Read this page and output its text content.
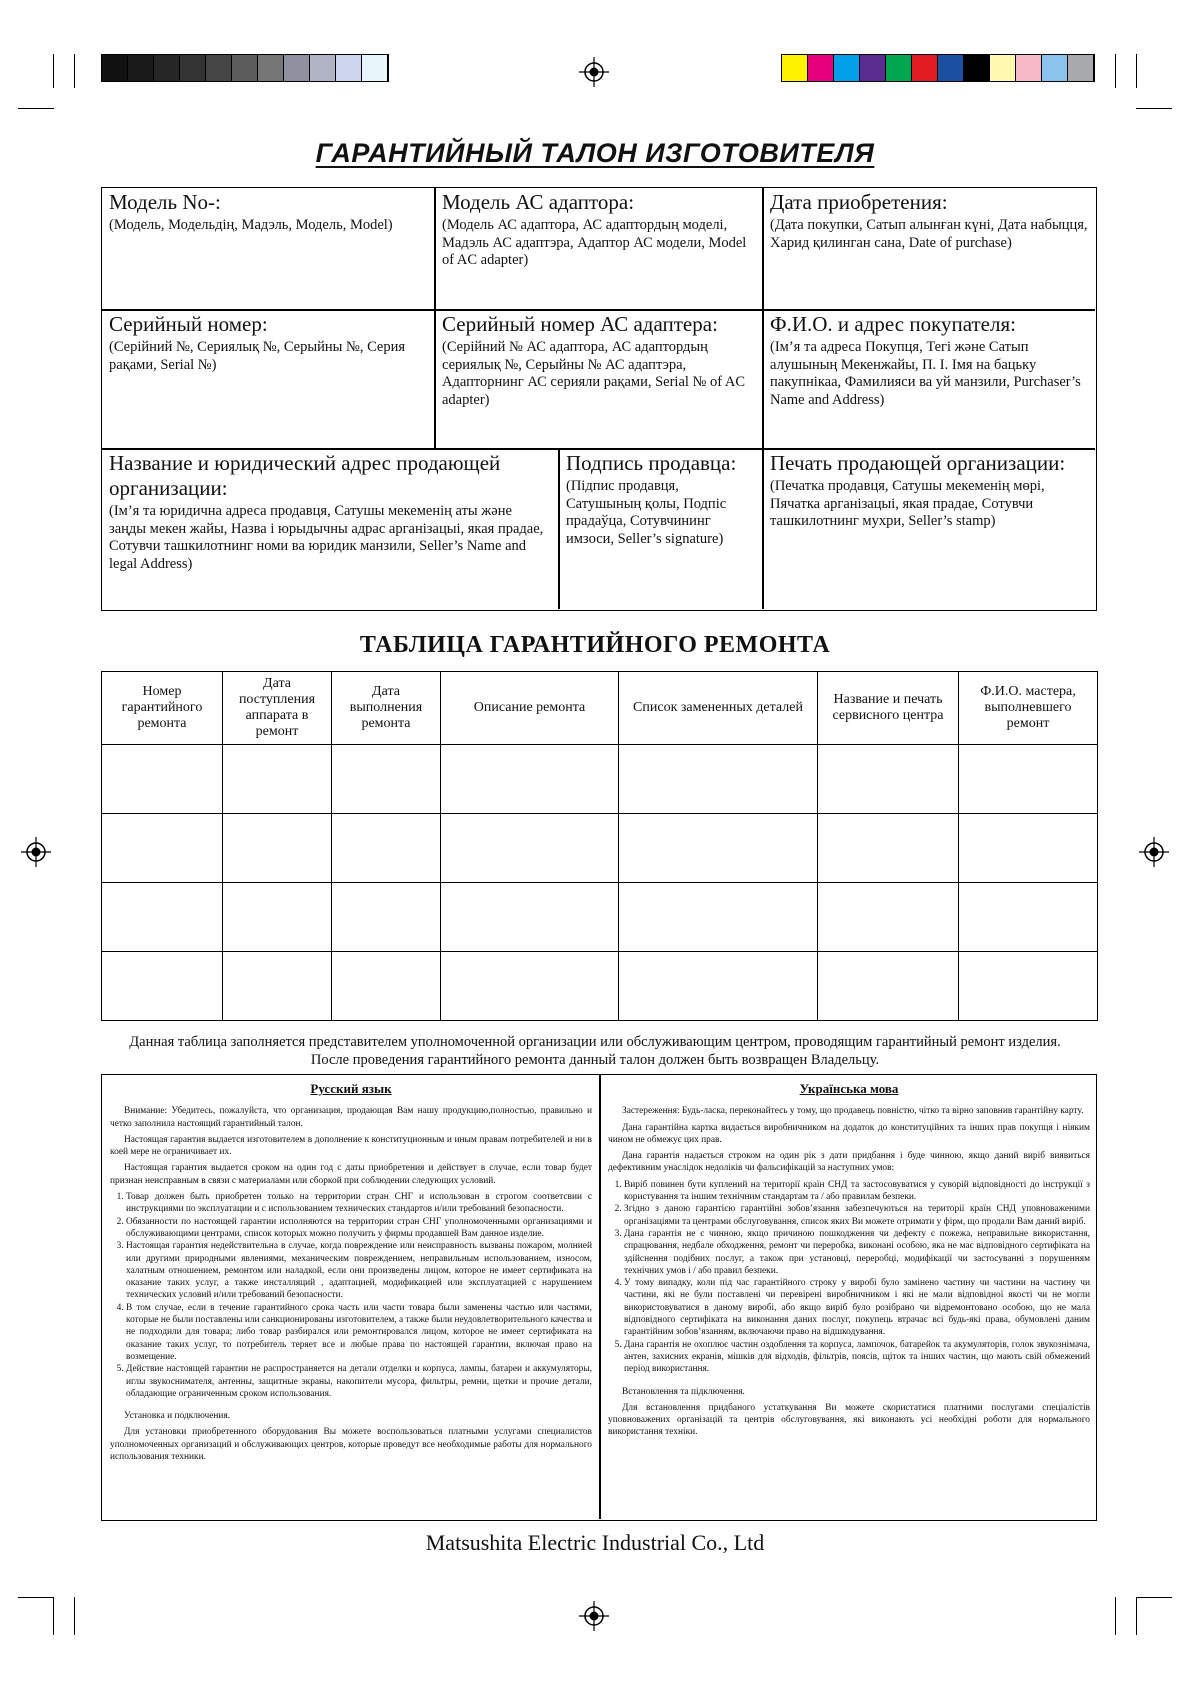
ГАРАНТИЙНЫЙ ТАЛОН ИЗГОТОВИТЕЛЯ
Модель No-:
(Модель, Модельдің, Мадэль, Модель, Model)
Модель АС адаптора:
(Модель АС адаптора, АС адаптордың моделі, Мадэль АС адаптэра, Адаптор АС модели, Model of AC adapter)
Дата приобретения:
(Дата покупки, Сатып алынған күні, Дата набыцця, Харид қилинган сана, Date of purchase)
Серийный номер:
(Серійний №, Сериялық №, Серыйны №, Серия рақами, Serial №)
Серийный номер АС адаптера:
(Серійний № АС адаптора, АС адаптордың сериялық №, Серыйны № АС адаптэра, Адапторнинг АС серияли рақами, Serial № of AC adapter)
Ф.И.О. и адрес покупателя:
(Ім’я та адреса Покупця, Тегі және Сатып алушының Мекенжайы, П. І. Імя на бацьку пакупнікаа, Фамилияси ва уй манзили, Purchaser’s Name and Address)
Название и юридический адрес продающей организации:
(Ім’я та юридична адреса продавця, Сатушы мекеменің аты және заңды мекен жайы, Назва і юрыдычны адрас арганізацыі, якая прадае, Сотувчи ташкилотнинг номи ва юридик манзили, Seller’s Name and legal Address)
Подпись продавца:
(Підпис продавця, Сатушының қолы, Подпіс прадаўца, Сотувчининг имзоси, Seller’s signature)
Печать продающей организации:
(Печатка продавця, Сатушы мекеменің мөрі, Пячатка арганізацыі, якая прадае, Сотувчи ташкилотнинг мухри, Seller’s stamp)
ТАБЛИЦА ГАРАНТИЙНОГО РЕМОНТА
Номер гарантийного ремонта	Дата поступления аппарата в ремонт	Дата выполнения ремонта	Описание ремонта	Список замененных деталей	Название и печать сервисного центра	Ф.И.О. мастера, выполневшего ремонт

Данная таблица заполняется представителем уполномоченной организации или обслуживающим центром, проводящим гарантийный ремонт изделия.
После проведения гарантийного ремонта данный талон должен быть возвращен Владельцу.
Русский язык

Внимание: Убедитесь, пожалуйста, что организация, продающая Вам нашу продукцию,полностью, правильно и четко заполнила настоящий гарантийный талон.

Настоящая гарантия выдается изготовителем в дополнение к конституционным и иным правам потребителей и ни в коей мере не ограничивает их.

Настоящая гарантия выдается сроком на один год с даты приобретения и действует в случае, если товар будет признан неисправным в связи с материалами или сборкой при соблюдении следующих условий.

1. Товар должен быть приобретен только на территории стран СНГ и использован в строгом соответсвии с инструкциями по эксплуатации и с использованием технических стандартов и/или требований безопасности.
2. Обязанности по настоящей гарантии исполняются на территории стран СНГ уполномоченными организациями и обслуживающими центрами, список которых можно получить у фирмы продавшей Вам данное изделие.
3. Настоящая гарантия недействительна в случае, когда повреждение или неисправность вызваны пожаром, молнией или другими природными явлениями, механическим повреждением, неправильным использованием, износом, халатным отношением, ремонтом или наладкой, если они произведены лицом, которое не имеет сертификата на оказание таких услуг, а также инсталляций , адаптацией, модификацией или эксплуатацией с нарушением технических условий и/или требований безопасности.
4. В том случае, если в течение гарантийного срока часть или части товара были заменены частью или частями, которые не были поставлены или санкционированы изготовителем, а также были неудовлетворительного качества и не подходили для товара; либо товар разбирался или ремонтировался лицом, которое не имеет сертификата на оказание таких услуг, то потребитель теряет все и любые права по настоящей гарантии, включая право на возмещение.
5. Действие настоящей гарантии не распространяется на детали отделки и корпуса, лампы, батареи и аккумуляторы, иглы звукоснимателя, антенны, защитные экраны, накопители мусора, фильтры, ремни, щетки и прочие детали, обладающие ограниченным сроком использования.

Установка и подключения.

Для установки приобретенного оборудования Вы можете воспользоваться платными услугами специалистов уполномоченных организаций и обслуживающих центров, которые проведут все необходимые работы для нормального использования техники.

Українська мова

Застереження: Будь-ласка, переконайтесь у тому, що продавець повністю, чітко та вірно заповнив гарантійну карту.

Дана гарантійна картка видається виробничником на додаток до конституційних та інших прав покупця і ніяким чином не обмежує цих прав.

Дана гарантія надається строком на один рік з дати придбання і буде чинною, якщо даний виріб виявиться дефективним унаслідок недоліків чи фальсифікацій за наступних умов:

1. Виріб повинен бути куплений на території країн СНД та застосовуватися у суворій відповідності до інструкції з користування та іншим технічним стандартам та / або правилам безпеки.
2. Згідно з даною гарантією гарантійні зобов’язання забезпечуються на території країн СНД уповноваженими організаціями та центрами обслуговування, список яких Ви можете отримати у фірм, що продали Вам даний виріб.
3. Дана гарантія не є чинною, якщо причиною пошкодження чи дефекту є пожежа, неправильне використання, спрацювання, недбале обходження, ремонт чи переробка, виконані особою, яка не має відповідного сертифіката на здійснення подібних послуг, а також при установці, переробці, модифікації чи застосуванні з порушенням технічних умов і / або правил безпеки.
4. У тому випадку, коли під час гарантійного строку у виробі було замінено частину чи частини на частину чи частини, які не були поставлені чи перевірені виробничником і які не мали відповідної якості чи не могли використовуватися в даному виробі, або якщо виріб було розібрано чи відремонтовано особою, що не мала відповідного сертифіката на виконання даних послуг, покупець втрачає всі будь-які права, обумовлені даним гарантійним зобов’язанням, включаючи право на відшкодування.
5. Дана гарантія не охоплює частин оздоблення та корпуса, лампочок, батарейок та акумуляторів, голок звукознімача, антен, захисних екранів, мішків для відходів, фільтрів, поясів, щіток та інших частин, що мають свій обмежений період використання.

Встановлення та підключення.

Для встановлення придбаного устаткування Ви можете скористатися платними послугами спеціалістів уповноважених організацій та центрів обслуговування, які виконають усі необхідні роботи для нормального використання техніки.

Matsushita Electric Industrial Co., Ltd
